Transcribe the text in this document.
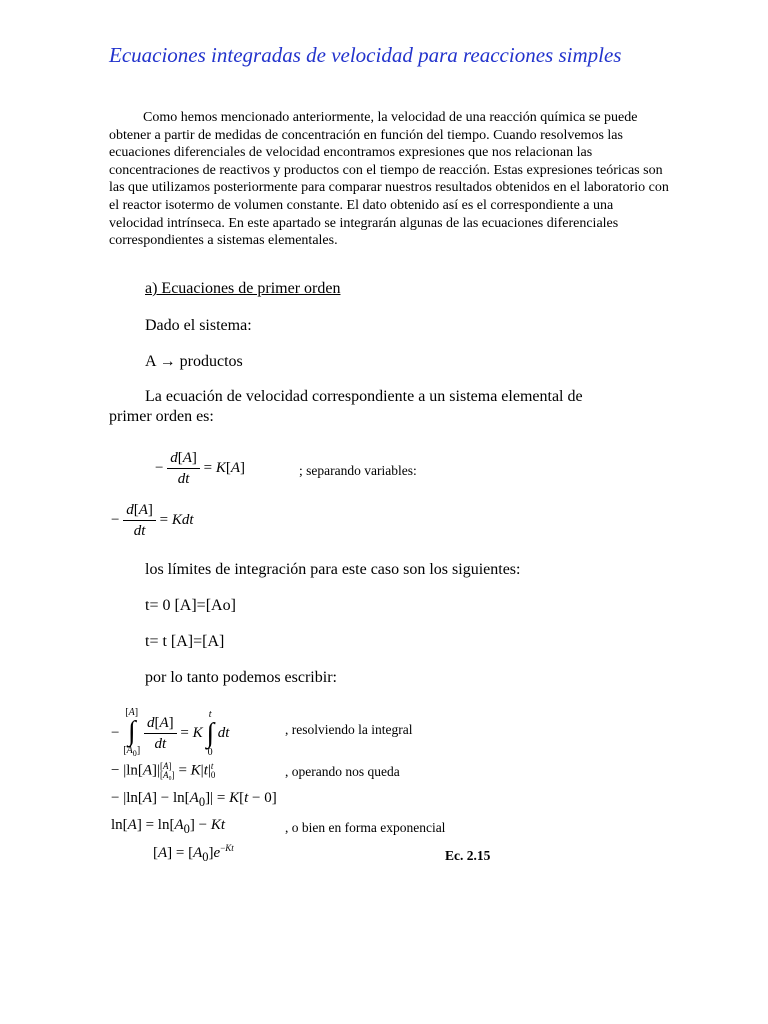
Ecuaciones integradas de velocidad para reacciones simples
Como hemos mencionado anteriormente, la velocidad de una reacción química se puede obtener a partir de medidas de concentración en función del tiempo. Cuando resolvemos las ecuaciones diferenciales de velocidad encontramos expresiones que nos relacionan las concentraciones de reactivos y productos con el tiempo de reacción. Estas expresiones teóricas son las que utilizamos posteriormente para comparar nuestros resultados obtenidos en el laboratorio con el reactor isotermo de volumen constante. El dato obtenido así es el correspondiente a una velocidad intrínseca. En este apartado se integrarán algunas de las ecuaciones diferenciales correspondientes a sistemas elementales.
a) Ecuaciones de primer orden
Dado el sistema:
A → productos
La ecuación de velocidad correspondiente a un sistema elemental de
primer orden es:
− $\frac{d[A]}{dt} = K[A]$	; separando variables:
− $\frac{d[A]}{dt}$ = Kdt
los límites de integración para este caso son los siguientes:
t= 0 [A]=[Ao]
t= t [A]=[A]
por lo tanto podemos escribir:
−
[A]
∫
$[A_0]$
$\frac{d[A]}{dt} = K$
t
∫
0
dt	, resolviendo la integral
− |ln[A]| [A]
[A₀] = K|t| t
0	, operando nos queda
− $|\ln[A] - \ln[A_0]| = K[t - 0]$
$\ln[A] = \ln[A_0] - Kt$	, o bien en forma exponencial
$[A] = [A_0]e^{-Kt}$	Ec. 2.15
